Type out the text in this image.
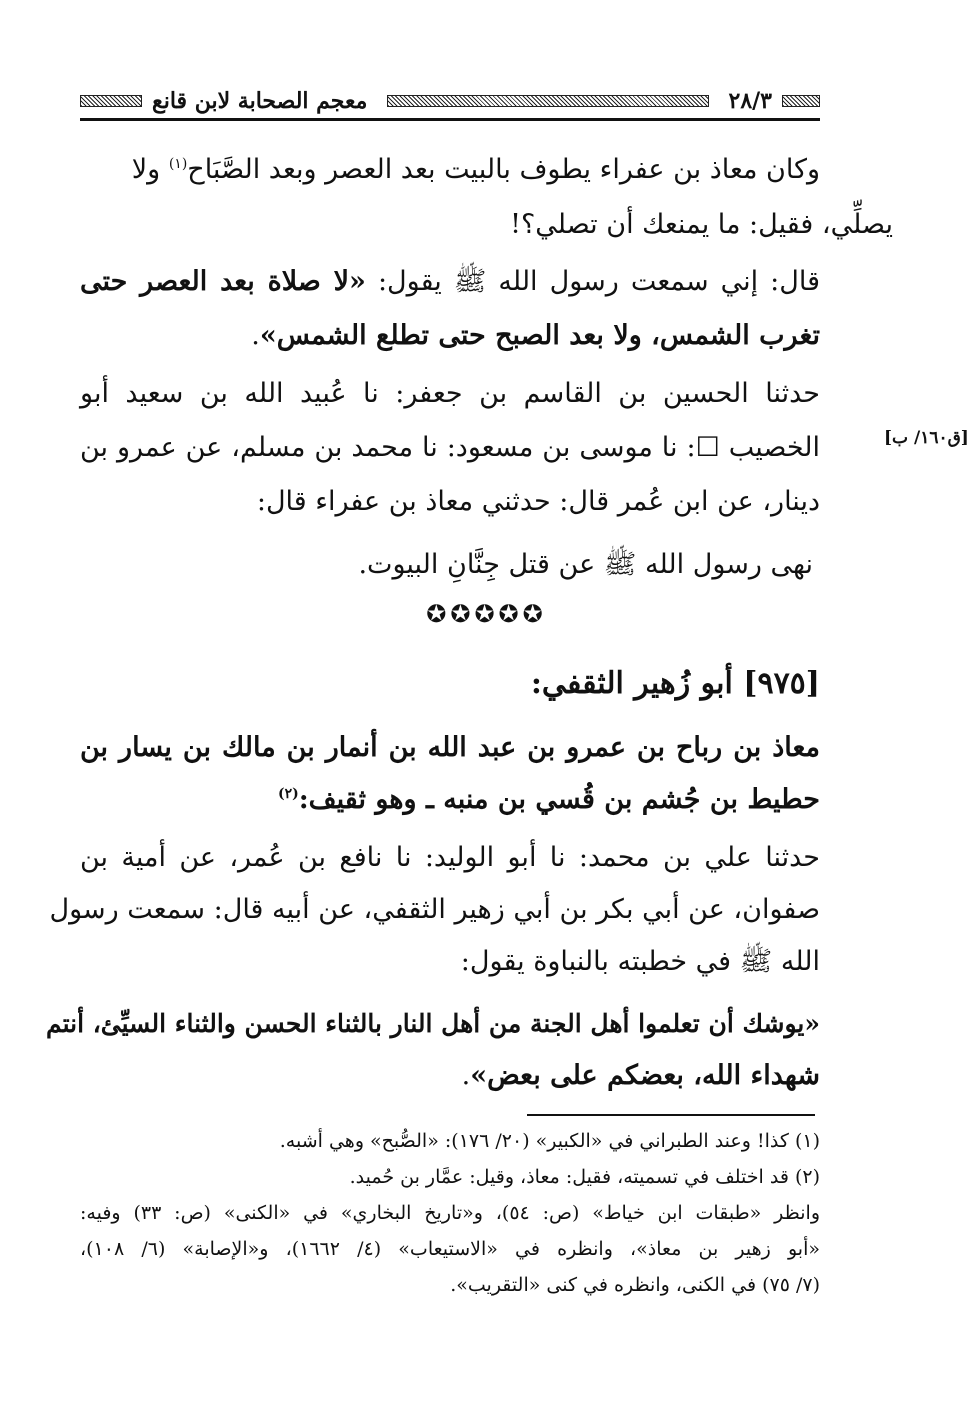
٢٨/٣
معجم الصحابة لابن قانع
وكان معاذ بن عفراء يطوف بالبيت بعد العصر وبعد الصَّبَاح$^{(١)}$ ولا
يصلِّي، فقيل: ما يمنعك أن تصلي؟!
قال: إني سمعت رسول الله ﷺ يقول: «لا صلاة بعد العصر حتى
تغرب الشمس، ولا بعد الصبح حتى تطلع الشمس».
حدثنا الحسين بن القاسم بن جعفر: نا عُبيد الله بن سعيد أبو
الخصيب ☐: نا موسى بن مسعود: نا محمد بن مسلم، عن عمرو بن	[ق١٦٠/ ب]
دينار، عن ابن عُمر قال: حدثني معاذ بن عفراء قال:
نهى رسول الله ﷺ عن قتل جِنَّانِ البيوت.
✪✪✪✪✪
[٩٧٥] أبو زُهير الثقفي:
معاذ بن رباح بن عمرو بن عبد الله بن أنمار بن مالك بن يسار بن
حطيط بن جُشم بن قُسي بن منبه ـ وهو ثقيف:$^{(٢)}$
حدثنا علي بن محمد: نا أبو الوليد: نا نافع بن عُمر، عن أمية بن
صفوان، عن أبي بكر بن أبي زهير الثقفي، عن أبيه قال: سمعت رسول
الله ﷺ في خطبته بالنباوة يقول:
«يوشك أن تعلموا أهل الجنة من أهل النار بالثناء الحسن والثناء السيِّئ، أنتم
شهداء الله، بعضكم على بعض».
(١) كذا! وعند الطبراني في «الكبير» (٢٠/ ١٧٦): «الصُّبح» وهي أشبه.
(٢) قد اختلف في تسميته، فقيل: معاذ، وقيل: عمَّار بن حُميد.
وانظر «طبقات ابن خياط» (ص: ٥٤)، و«تاريخ البخاري» في «الكنى» (ص: ٣٣) وفيه:
«أبو زهير بن معاذ»، وانظره في «الاستيعاب» (٤/ ١٦٦٢)، و«الإصابة» (٦/ ١٠٨)،
(٧/ ٧٥) في الكنى، وانظره في كنى «التقريب».
